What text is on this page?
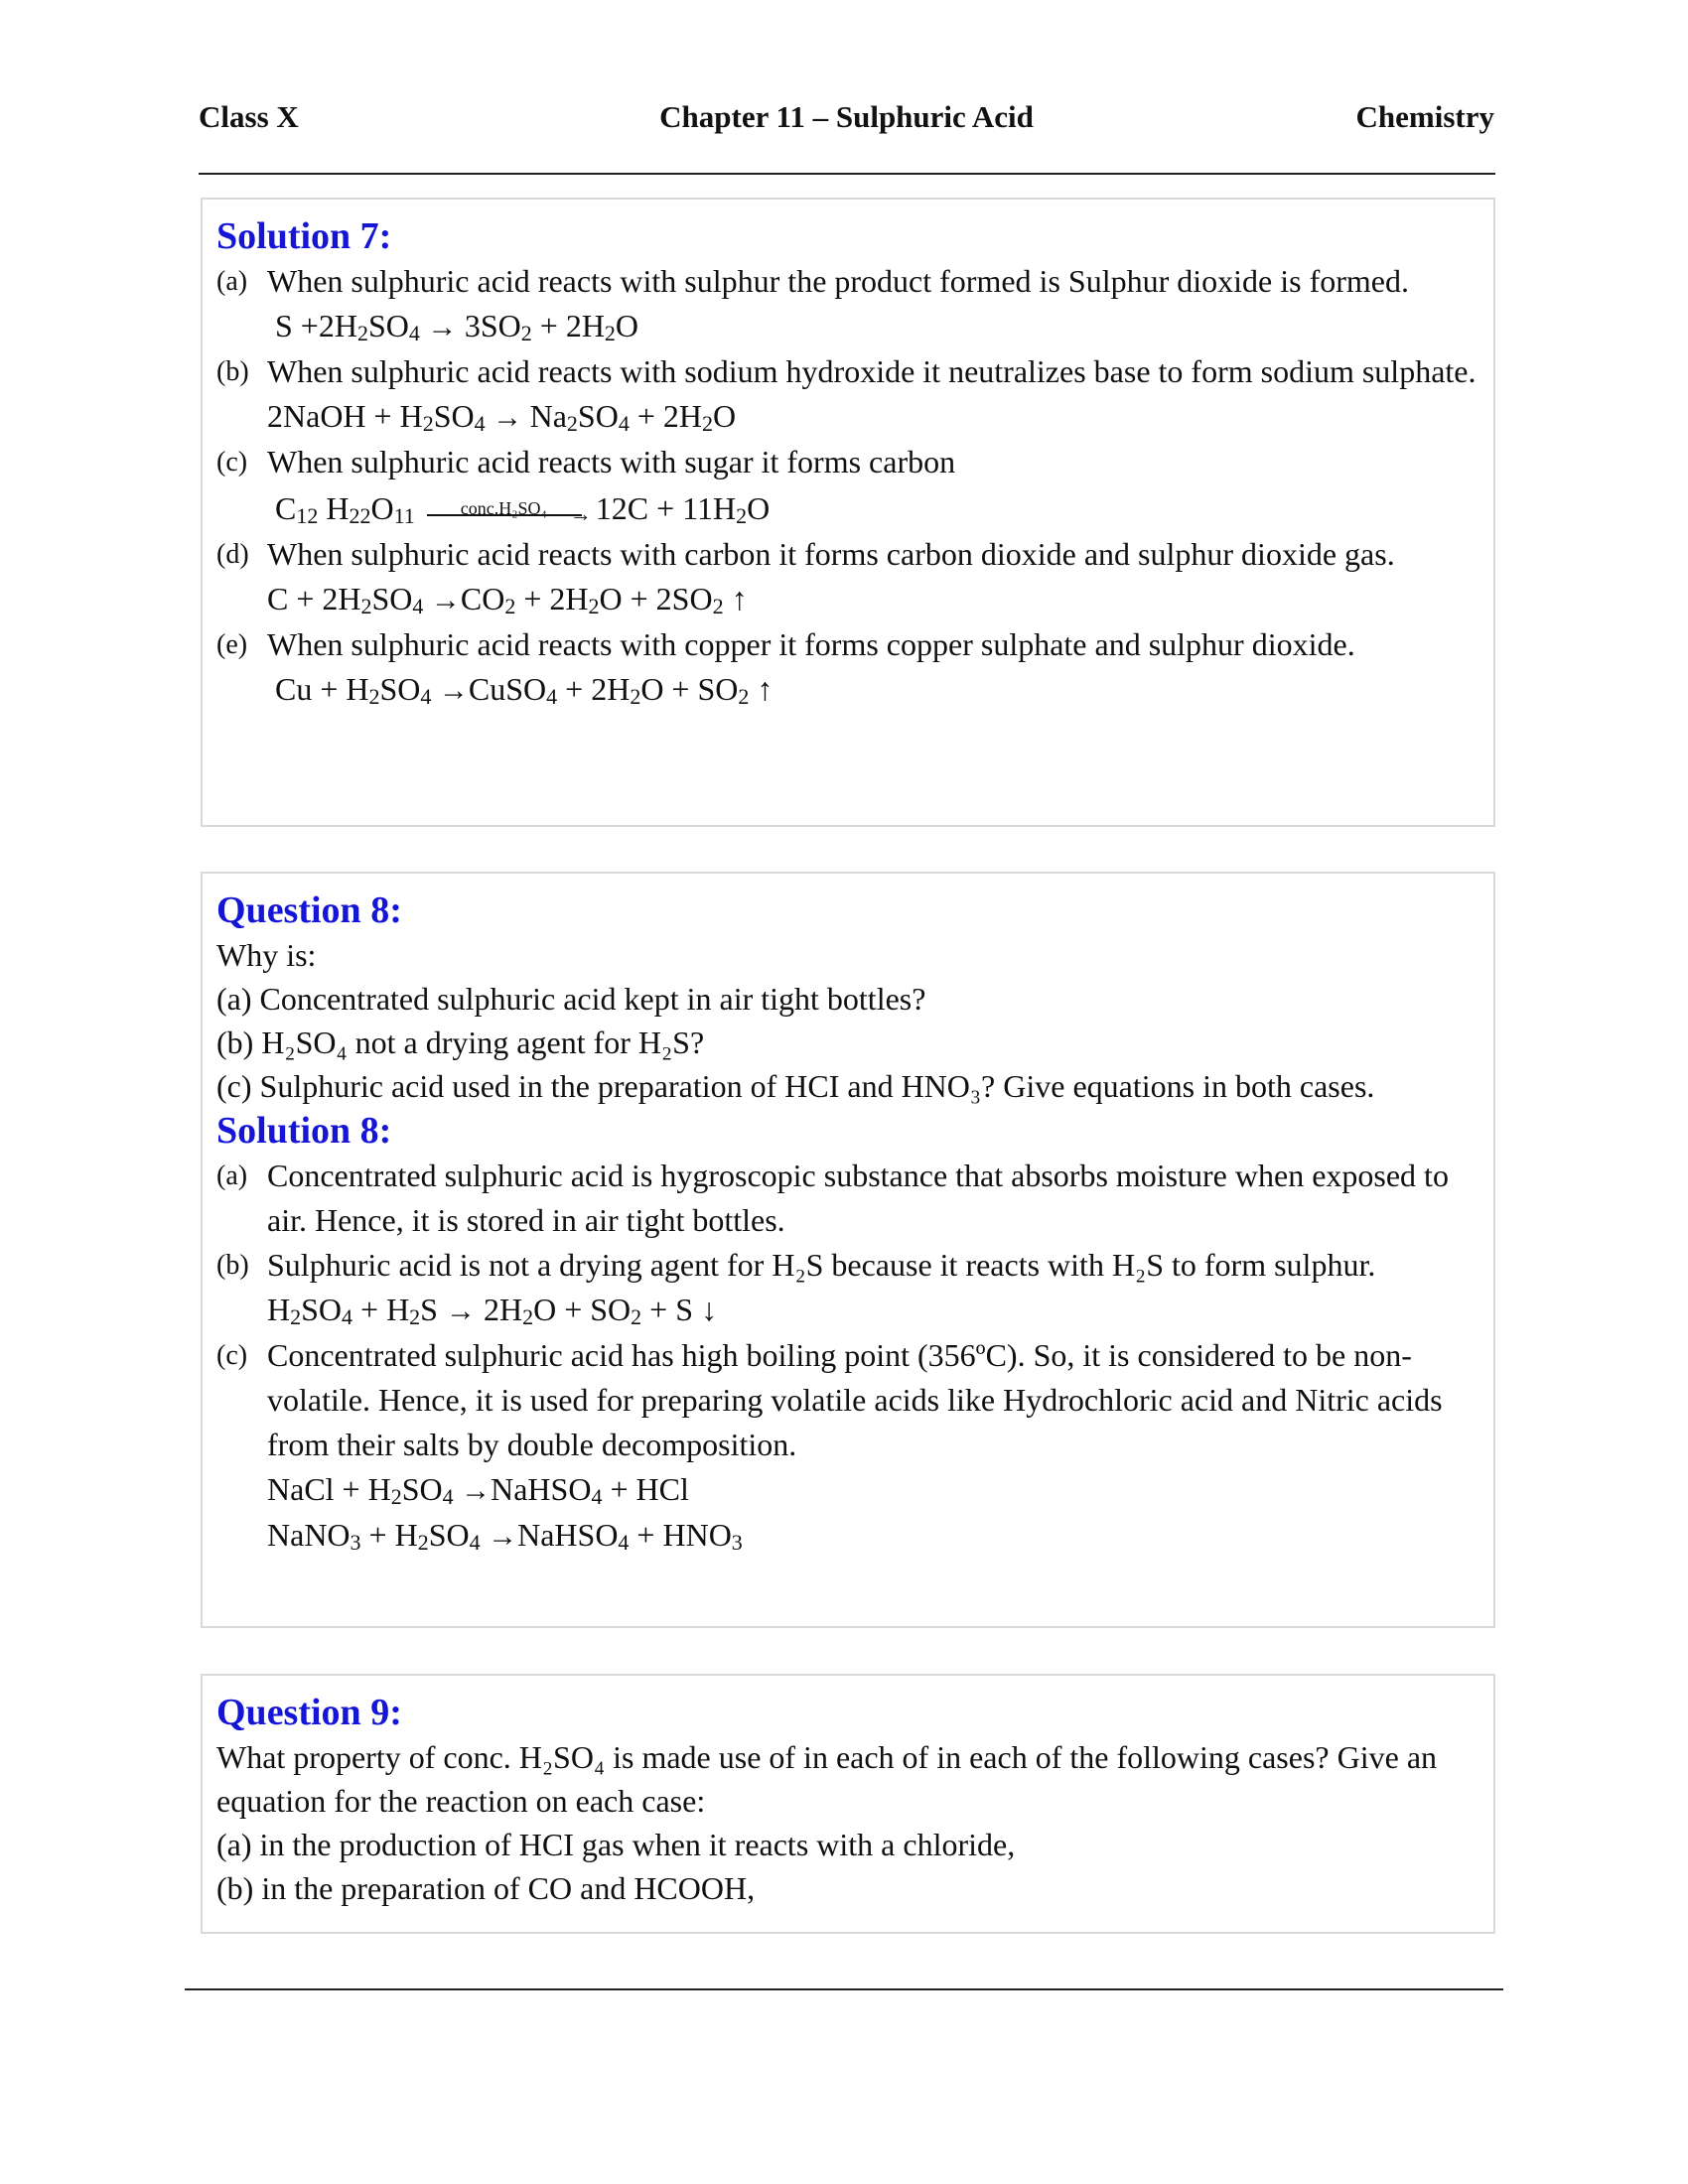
Class X	Chapter 11 – Sulphuric Acid	Chemistry
Solution 7:
(a) When sulphuric acid reacts with sulphur the product formed is Sulphur dioxide is formed.
S +2H2SO4 → 3SO2 + 2H2O
(b) When sulphuric acid reacts with sodium hydroxide it neutralizes base to form sodium sulphate.
2NaOH + H2SO4 → Na2SO4 + 2H2O
(c) When sulphuric acid reacts with sugar it forms carbon
C12 H22O11	conc.H₂SO₄ → 12C + 11H2O
(d) When sulphuric acid reacts with carbon it forms carbon dioxide and sulphur dioxide gas.
C + 2H2SO4 →CO2 + 2H2O + 2SO2 ↑
(e) When sulphuric acid reacts with copper it forms copper sulphate and sulphur dioxide.
Cu + H2SO4 →CuSO4 + 2H2O + SO2 ↑
Question 8:
Why is:
(a) Concentrated sulphuric acid kept in air tight bottles?
(b) H₂SO₄ not a drying agent for H₂S?
(c) Sulphuric acid used in the preparation of HCI and HNO₃? Give equations in both cases.
Solution 8:
(a) Concentrated sulphuric acid is hygroscopic substance that absorbs moisture when exposed to air. Hence, it is stored in air tight bottles.
(b) Sulphuric acid is not a drying agent for H₂S because it reacts with H₂S to form sulphur.
H2SO4 + H2S → 2H2O + SO2 + S ↓
(c) Concentrated sulphuric acid has high boiling point (356ºC). So, it is considered to be non-volatile. Hence, it is used for preparing volatile acids like Hydrochloric acid and Nitric acids from their salts by double decomposition.
NaCl + H2SO4 →NaHSO4 + HCl
NaNO3 + H2SO4 →NaHSO4 + HNO3
Question 9:
What property of conc. H₂SO₄ is made use of in each of in each of the following cases? Give an
equation for the reaction on each case:
(a) in the production of HCI gas when it reacts with a chloride,
(b) in the preparation of CO and HCOOH,
